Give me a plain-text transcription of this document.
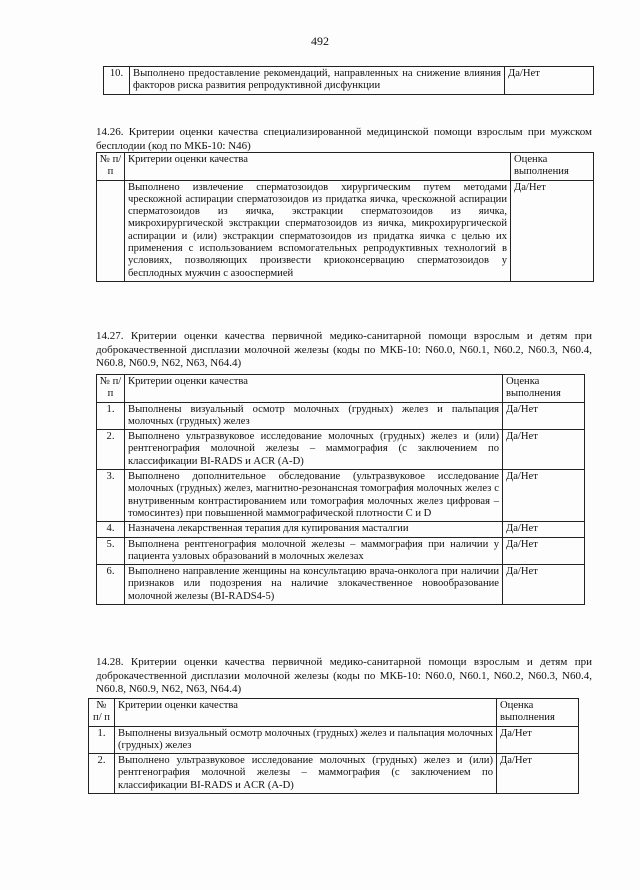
492
10.	Выполнено предоставление рекомендаций, направленных на снижение влияния факторов риска развития репродуктивной дисфункции	Да/Нет
14.26. Критерии оценки качества специализированной медицинской помощи взрослым при мужском бесплодии (код по МКБ-10: N46)
№ п/п	Критерии оценки качества	Оценка выполнения
	Выполнено извлечение сперматозоидов хирургическим путем методами чрескожной аспирации сперматозоидов из придатка яичка, чрескожной аспирации сперматозоидов из яичка, экстракции сперматозоидов из яичка, микрохирургической экстракции сперматозоидов из яичка, микрохирургической аспирации и (или) экстракции сперматозоидов из придатка яичка с целью их применения с использованием вспомогательных репродуктивных технологий в условиях, позволяющих произвести криоконсервацию сперматозоидов у бесплодных мужчин с азооспермией	Да/Нет
14.27. Критерии оценки качества первичной медико-санитарной помощи взрослым и детям при доброкачественной дисплазии молочной железы (коды по МКБ-10: N60.0, N60.1, N60.2, N60.3, N60.4, N60.8, N60.9, N62, N63, N64.4)
№ п/п	Критерии оценки качества	Оценка выполнения
1.	Выполнены визуальный осмотр молочных (грудных) желез и пальпация молочных (грудных) желез	Да/Нет
2.	Выполнено ультразвуковое исследование молочных (грудных) желез и (или) рентгенография молочной железы – маммография (с заключением по классификации BI-RADS и ACR (A-D)	Да/Нет
3.	Выполнено дополнительное обследование (ультразвуковое исследование молочных (грудных) желез, магнитно-резонансная томография молочных желез с внутривенным контрастированием или томография молочных желез цифровая – томосинтез) при повышенной маммографической плотности C и D	Да/Нет
4.	Назначена лекарственная терапия для купирования масталгии	Да/Нет
5.	Выполнена рентгенография молочной железы – маммография при наличии у пациента узловых образований в молочных железах	Да/Нет
6.	Выполнено направление женщины на консультацию врача-онколога при наличии признаков или подозрения на наличие злокачественное новообразование молочной железы (BI-RADS4-5)	Да/Нет
14.28. Критерии оценки качества первичной медико-санитарной помощи взрослым и детям при доброкачественной дисплазии молочной железы (коды по МКБ-10: N60.0, N60.1, N60.2, N60.3, N60.4, N60.8, N60.9, N62, N63, N64.4)
№ п/ п	Критерии оценки качества	Оценка выполнения
1.	Выполнены визуальный осмотр молочных (грудных) желез и пальпация молочных (грудных) желез	Да/Нет
2.	Выполнено ультразвуковое исследование молочных (грудных) желез и (или) рентгенография молочной железы – маммография (с заключением по классификации BI-RADS и ACR (A-D)	Да/Нет
